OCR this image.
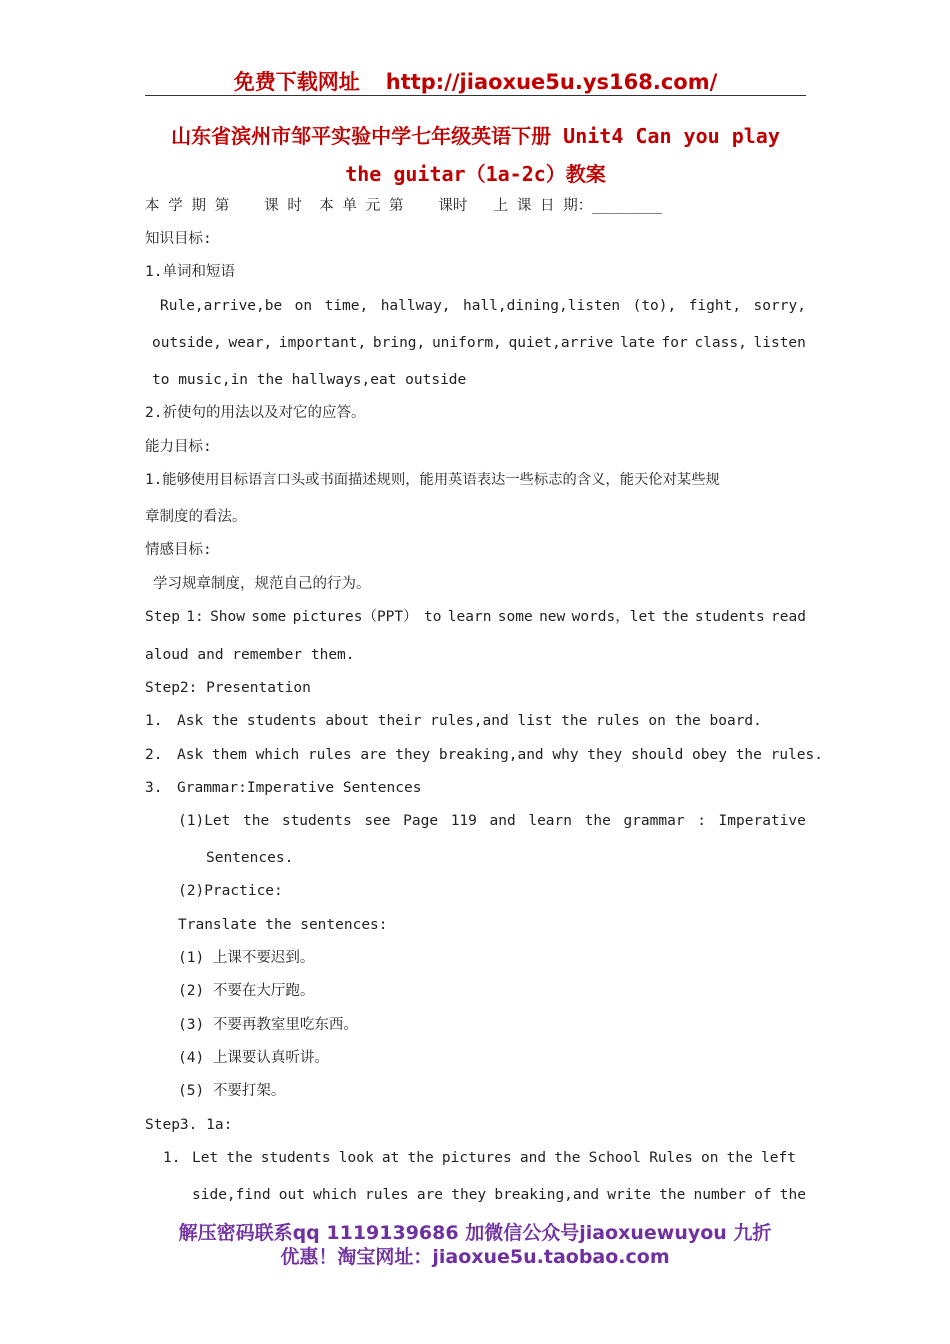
免费下载网址 http://jiaoxue5u.ys168.com/
山东省滨州市邹平实验中学七年级英语下册 Unit4 Can you play
the guitar（1a-2c）教案
本 学 期 第    课 时  本 单 元 第    课时   上 课 日 期：________
知识目标:
1.单词和短语
Rule,arrive,be on time, hallway, hall,dining,listen (to), fight, sorry,
outside, wear, important, bring, uniform, quiet,arrive late for class, listen
to music,in the hallways,eat outside
2.祈使句的用法以及对它的应答。
能力目标:
1.能够使用目标语言口头或书面描述规则，能用英语表达一些标志的含义，能天伦对某些规
章制度的看法。
情感目标:
学习规章制度，规范自己的行为。
Step 1: Show some pictures（PPT） to learn some new words，let the students read
aloud and remember them.
Step2: Presentation
1. Ask the students about their rules,and list the rules on the board.
2. Ask them which rules are they breaking,and why they should obey the rules.
3. Grammar:Imperative Sentences
(1)Let the students see Page 119 and learn the grammar : Imperative
Sentences.
(2)Practice:
Translate the sentences:
(1) 上课不要迟到。
(2) 不要在大厅跑。
(3) 不要再教室里吃东西。
(4) 上课要认真听讲。
(5) 不要打架。
Step3. 1a:
1. Let the students look at the pictures and the School Rules on the left
side,find out which rules are they breaking,and write the number of the
解压密码联系qq 1119139686 加微信公众号jiaoxuewuyou 九折
优惠！淘宝网址：jiaoxue5u.taobao.com
